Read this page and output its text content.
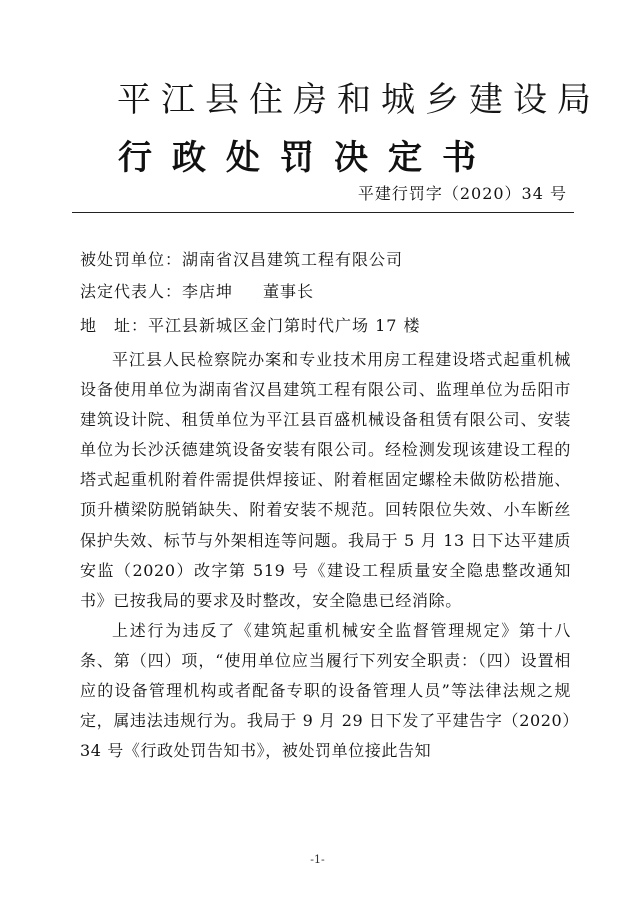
平江县住房和城乡建设局
行政处罚决定书
平建行罚字（2020）34 号
被处罚单位：湖南省汉昌建筑工程有限公司
法定代表人：李店坤 董事长
地　址：平江县新城区金门第时代广场 17 楼

平江县人民检察院办案和专业技术用房工程建设塔式起重机械设备使用单位为湖南省汉昌建筑工程有限公司、监理单位为岳阳市建筑设计院、租赁单位为平江县百盛机械设备租赁有限公司、安装单位为长沙沃德建筑设备安装有限公司。经检测发现该建设工程的塔式起重机附着件需提供焊接证、附着框固定螺栓未做防松措施、顶升横梁防脱销缺失、附着安装不规范。回转限位失效、小车断丝保护失效、标节与外架相连等问题。我局于 5 月 13 日下达平建质安监（2020）改字第 519 号《建设工程质量安全隐患整改通知书》已按我局的要求及时整改，安全隐患已经消除。

上述行为违反了《建筑起重机械安全监督管理规定》第十八条、第（四）项，“使用单位应当履行下列安全职责：（四）设置相应的设备管理机构或者配备专职的设备管理人员”等法律法规之规定，属违法违规行为。我局于 9 月 29 日下发了平建告字（2020）34 号《行政处罚告知书》，被处罚单位接此告知

-1-
